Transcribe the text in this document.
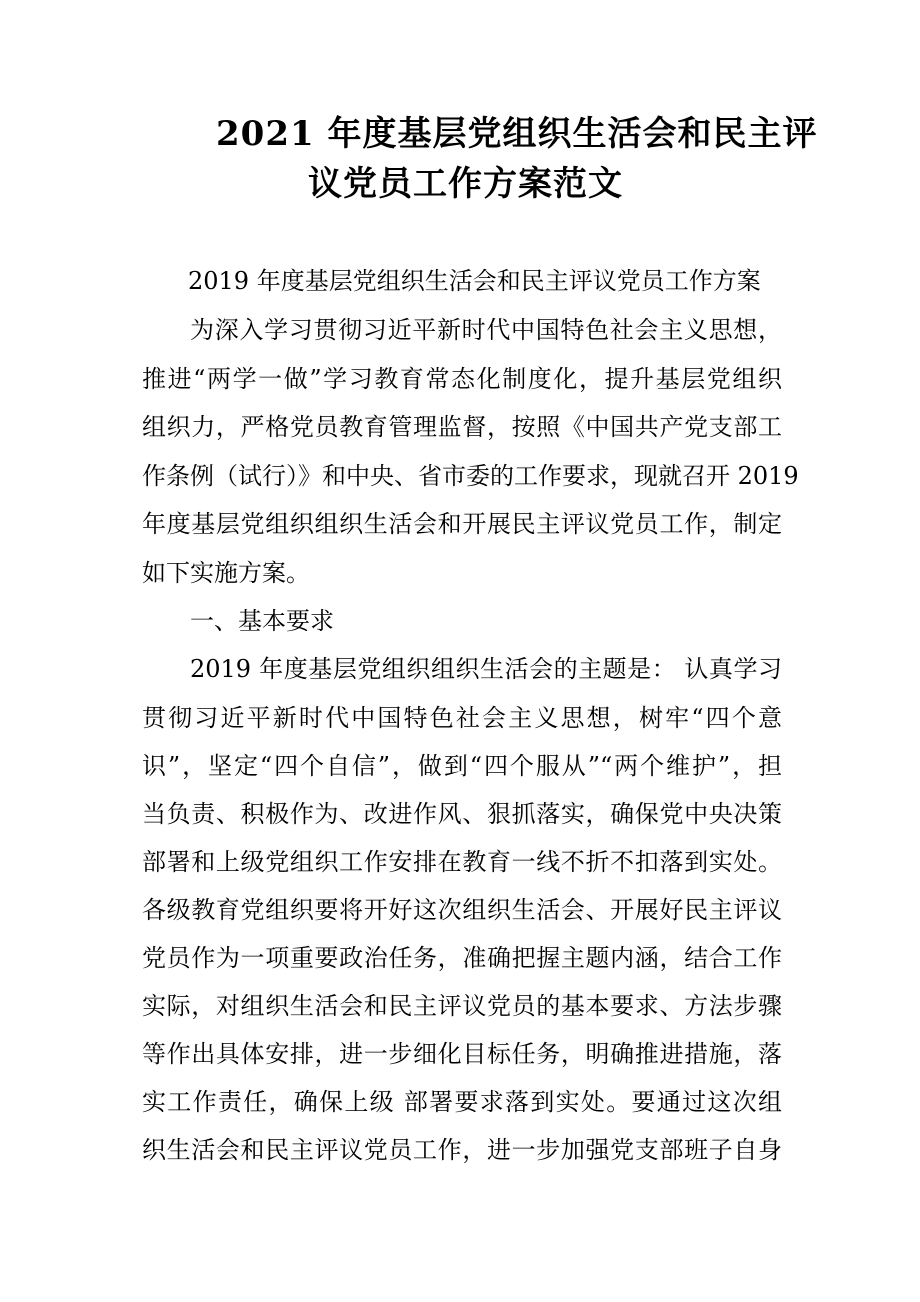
2021 年度基层党组织生活会和民主评
议党员工作方案范文
2019 年度基层党组织生活会和民主评议党员工作方案
为深入学习贯彻习近平新时代中国特色社会主义思想，
推进“两学一做”学习教育常态化制度化，提升基层党组织
组织力，严格党员教育管理监督，按照《中国共产党支部工
作条例（试行）》和中央、省市委的工作要求，现就召开 2019
年度基层党组织组织生活会和开展民主评议党员工作，制定
如下实施方案。
一、基本要求
2019 年度基层党组织组织生活会的主题是： 认真学习
贯彻习近平新时代中国特色社会主义思想，树牢“四个意
识”，坚定“四个自信”，做到“四个服从”“两个维护”，担
当负责、积极作为、改进作风、狠抓落实，确保党中央决策
部署和上级党组织工作安排在教育一线不折不扣落到实处。
各级教育党组织要将开好这次组织生活会、开展好民主评议
党员作为一项重要政治任务，准确把握主题内涵，结合工作
实际，对组织生活会和民主评议党员的基本要求、方法步骤
等作出具体安排，进一步细化目标任务，明确推进措施，落
实工作责任，确保上级 部署要求落到实处。要通过这次组
织生活会和民主评议党员工作，进一步加强党支部班子自身
